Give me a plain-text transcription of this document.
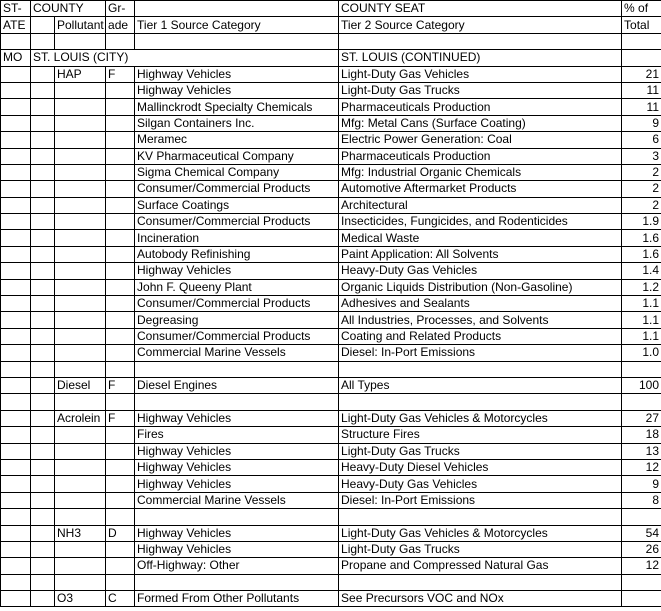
ST-	COUNTY		Gr-		COUNTY SEAT	% of
ATE		Pollutant	ade	Tier 1 Source Category	Tier 2 Source Category	Total

MO	ST. LOUIS (CITY)				ST. LOUIS (CONTINUED)	
		HAP	F	Highway Vehicles	Light-Duty Gas Vehicles	21
				Highway Vehicles	Light-Duty Gas Trucks	11
				Mallinckrodt Specialty Chemicals	Pharmaceuticals Production	11
				Silgan Containers Inc.	Mfg: Metal Cans (Surface Coating)	9
				Meramec	Electric Power Generation: Coal	6
				KV Pharmaceutical Company	Pharmaceuticals Production	3
				Sigma Chemical Company	Mfg: Industrial Organic Chemicals	2
				Consumer/Commercial Products	Automotive Aftermarket Products	2
				Surface Coatings	Architectural	2
				Consumer/Commercial Products	Insecticides, Fungicides, and Rodenticides	1.9
				Incineration	Medical Waste	1.6
				Autobody Refinishing	Paint Application: All Solvents	1.6
				Highway Vehicles	Heavy-Duty Gas Vehicles	1.4
				John F. Queeny Plant	Organic Liquids Distribution (Non-Gasoline)	1.2
				Consumer/Commercial Products	Adhesives and Sealants	1.1
				Degreasing	All Industries, Processes, and Solvents	1.1
				Consumer/Commercial Products	Coating and Related Products	1.1
				Commercial Marine Vessels	Diesel: In-Port Emissions	1.0

		Diesel	F	Diesel Engines	All Types	100

		Acrolein	F	Highway Vehicles	Light-Duty Gas Vehicles & Motorcycles	27
				Fires	Structure Fires	18
				Highway Vehicles	Light-Duty Gas Trucks	13
				Highway Vehicles	Heavy-Duty Diesel Vehicles	12
				Highway Vehicles	Heavy-Duty Gas Vehicles	9
				Commercial Marine Vessels	Diesel: In-Port Emissions	8

		NH3	D	Highway Vehicles	Light-Duty Gas Vehicles & Motorcycles	54
				Highway Vehicles	Light-Duty Gas Trucks	26
				Off-Highway: Other	Propane and Compressed Natural Gas	12

		O3	C	Formed From Other Pollutants	See Precursors VOC and NOx	
